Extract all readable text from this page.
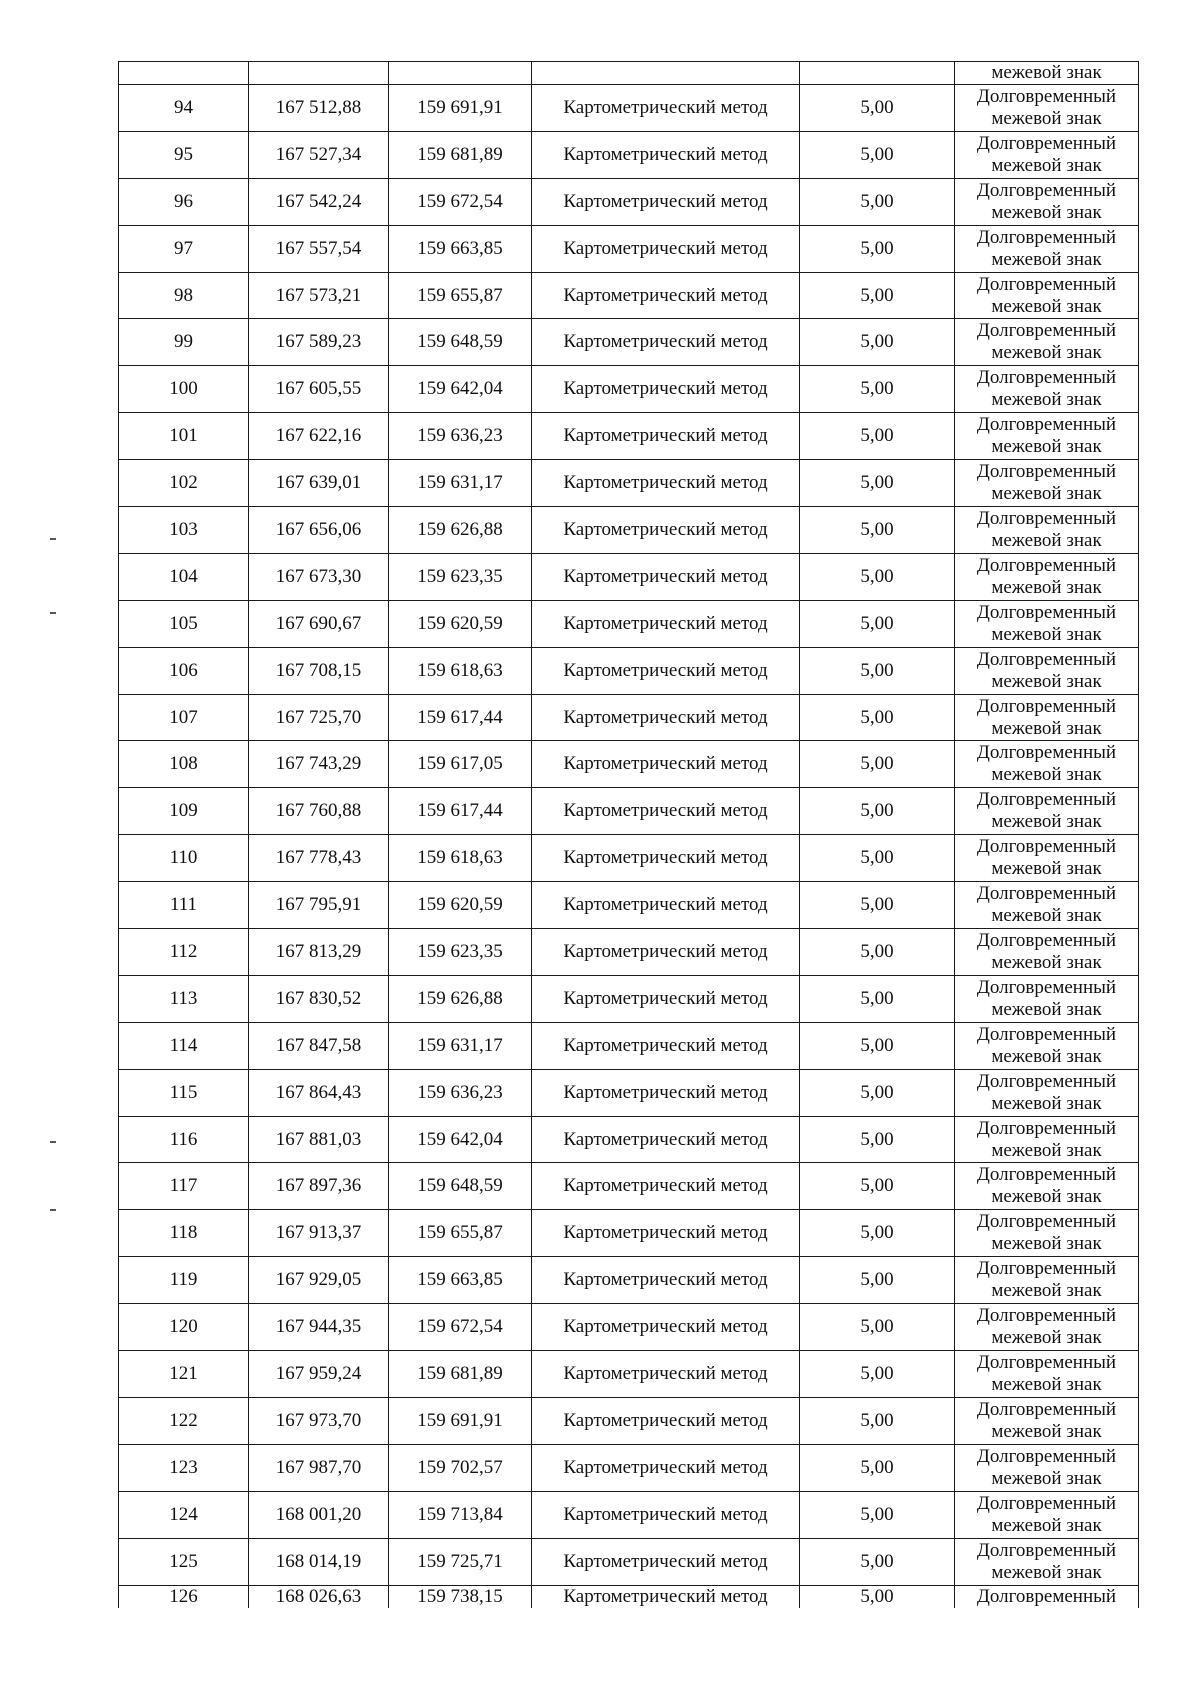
					межевой знак

94	167 512,88	159 691,91	Картометрический метод	5,00	Долговременный
межевой знак

95	167 527,34	159 681,89	Картометрический метод	5,00	Долговременный
межевой знак

96	167 542,24	159 672,54	Картометрический метод	5,00	Долговременный
межевой знак

97	167 557,54	159 663,85	Картометрический метод	5,00	Долговременный
межевой знак

98	167 573,21	159 655,87	Картометрический метод	5,00	Долговременный
межевой знак

99	167 589,23	159 648,59	Картометрический метод	5,00	Долговременный
межевой знак

100	167 605,55	159 642,04	Картометрический метод	5,00	Долговременный
межевой знак

101	167 622,16	159 636,23	Картометрический метод	5,00	Долговременный
межевой знак

102	167 639,01	159 631,17	Картометрический метод	5,00	Долговременный
межевой знак

103	167 656,06	159 626,88	Картометрический метод	5,00	Долговременный
межевой знак

104	167 673,30	159 623,35	Картометрический метод	5,00	Долговременный
межевой знак

105	167 690,67	159 620,59	Картометрический метод	5,00	Долговременный
межевой знак

106	167 708,15	159 618,63	Картометрический метод	5,00	Долговременный
межевой знак

107	167 725,70	159 617,44	Картометрический метод	5,00	Долговременный
межевой знак

108	167 743,29	159 617,05	Картометрический метод	5,00	Долговременный
межевой знак

109	167 760,88	159 617,44	Картометрический метод	5,00	Долговременный
межевой знак

110	167 778,43	159 618,63	Картометрический метод	5,00	Долговременный
межевой знак

111	167 795,91	159 620,59	Картометрический метод	5,00	Долговременный
межевой знак

112	167 813,29	159 623,35	Картометрический метод	5,00	Долговременный
межевой знак

113	167 830,52	159 626,88	Картометрический метод	5,00	Долговременный
межевой знак

114	167 847,58	159 631,17	Картометрический метод	5,00	Долговременный
межевой знак

115	167 864,43	159 636,23	Картометрический метод	5,00	Долговременный
межевой знак

116	167 881,03	159 642,04	Картометрический метод	5,00	Долговременный
межевой знак

117	167 897,36	159 648,59	Картометрический метод	5,00	Долговременный
межевой знак

118	167 913,37	159 655,87	Картометрический метод	5,00	Долговременный
межевой знак

119	167 929,05	159 663,85	Картометрический метод	5,00	Долговременный
межевой знак

120	167 944,35	159 672,54	Картометрический метод	5,00	Долговременный
межевой знак

121	167 959,24	159 681,89	Картометрический метод	5,00	Долговременный
межевой знак

122	167 973,70	159 691,91	Картометрический метод	5,00	Долговременный
межевой знак

123	167 987,70	159 702,57	Картометрический метод	5,00	Долговременный
межевой знак

124	168 001,20	159 713,84	Картометрический метод	5,00	Долговременный
межевой знак

125	168 014,19	159 725,71	Картометрический метод	5,00	Долговременный
межевой знак

126	168 026,63	159 738,15	Картометрический метод	5,00	Долговременный
